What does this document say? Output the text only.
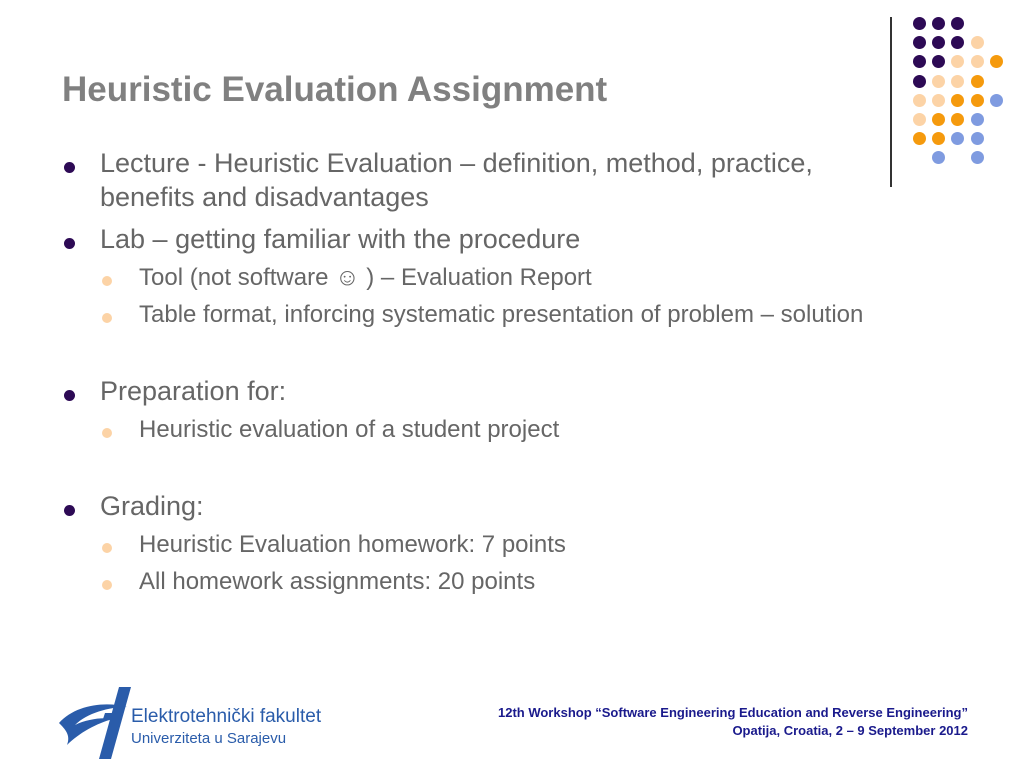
Heuristic Evaluation Assignment
Lecture - Heuristic Evaluation – definition, method, practice, benefits and disadvantages
Lab – getting familiar with the procedure
Tool (not software ☺ ) – Evaluation Report
Table format, inforcing systematic presentation of problem – solution
Preparation for:
Heuristic evaluation of a student project
Grading:
Heuristic Evaluation homework: 7 points
All homework assignments: 20 points
Elektrotehnički fakultet
Univerziteta u Sarajevu
12th Workshop “Software Engineering Education and Reverse Engineering”
Opatija, Croatia, 2 – 9 September 2012
